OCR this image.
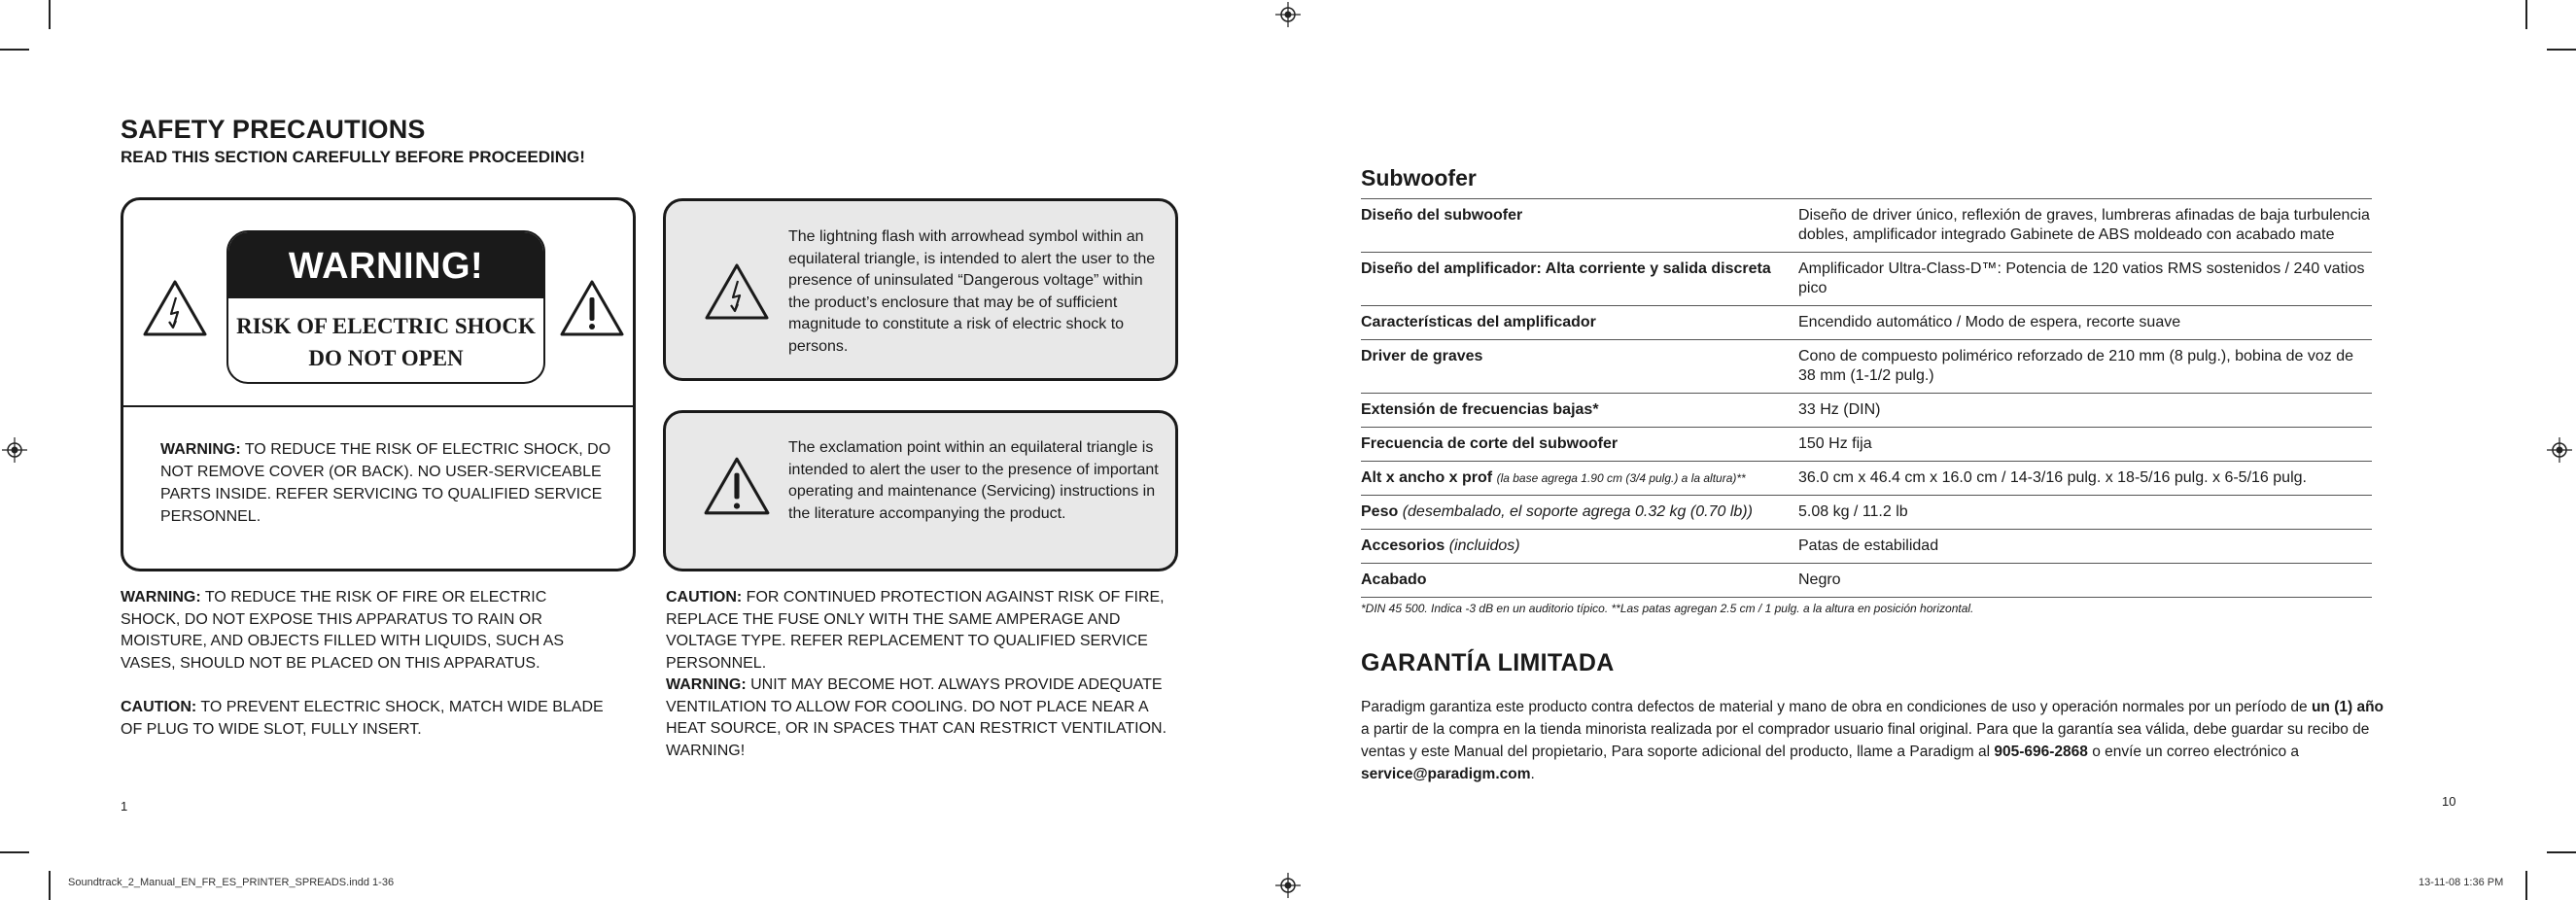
SAFETY PRECAUTIONS
READ THIS SECTION CAREFULLY BEFORE PROCEEDING!
WARNING!
RISK OF ELECTRIC SHOCK
DO NOT OPEN
WARNING: TO REDUCE THE RISK OF ELECTRIC SHOCK, DO NOT REMOVE COVER (OR BACK). NO USER-SERVICEABLE PARTS INSIDE. REFER SERVICING TO QUALIFIED SERVICE PERSONNEL.
The lightning flash with arrowhead symbol within an equilateral triangle, is intended to alert the user to the presence of uninsulated “Dangerous voltage” within the product’s enclosure that may be of sufficient magnitude to constitute a risk of electric shock to persons.
The exclamation point within an equilateral triangle is intended to alert the user to the presence of important operating and maintenance (Servicing) instructions in the literature accompanying the product.
WARNING: TO REDUCE THE RISK OF FIRE OR ELECTRIC SHOCK, DO NOT EXPOSE THIS APPARATUS TO RAIN OR MOISTURE, AND OBJECTS FILLED WITH LIQUIDS, SUCH AS VASES, SHOULD NOT BE PLACED ON THIS APPARATUS.
CAUTION: TO PREVENT ELECTRIC SHOCK, MATCH WIDE BLADE OF PLUG TO WIDE SLOT, FULLY INSERT.
CAUTION: FOR CONTINUED PROTECTION AGAINST RISK OF FIRE, REPLACE THE FUSE ONLY WITH THE SAME AMPERAGE AND VOLTAGE TYPE. REFER REPLACEMENT TO QUALIFIED SERVICE PERSONNEL.
WARNING: UNIT MAY BECOME HOT. ALWAYS PROVIDE ADEQUATE VENTILATION TO ALLOW FOR COOLING. DO NOT PLACE NEAR A HEAT SOURCE, OR IN SPACES THAT CAN RESTRICT VENTILATION. WARNING!
1
Subwoofer
Diseño del subwoofer	Diseño de driver único, reflexión de graves, lumbreras afinadas de baja turbulencia dobles, amplificador integrado Gabinete de ABS moldeado con acabado mate
Diseño del amplificador: Alta corriente y salida discreta	Amplificador Ultra-Class-D™: Potencia de 120 vatios RMS sostenidos / 240 vatios pico
Características del amplificador	Encendido automático / Modo de espera, recorte suave
Driver de graves	Cono de compuesto polimérico reforzado de 210 mm (8 pulg.), bobina de voz de 38 mm (1-1/2 pulg.)
Extensión de frecuencias bajas*	33 Hz (DIN)
Frecuencia de corte del subwoofer	150 Hz fija
Alt x ancho x prof (la base agrega 1.90 cm (3/4 pulg.) a la altura)**	36.0 cm x 46.4 cm x 16.0 cm / 14-3/16 pulg. x 18-5/16 pulg. x 6-5/16 pulg.
Peso (desembalado, el soporte agrega 0.32 kg (0.70 lb))	5.08 kg / 11.2 lb
Accesorios (incluidos)	Patas de estabilidad
Acabado	Negro
*DIN 45 500. Indica -3 dB en un auditorio típico. **Las patas agregan 2.5 cm / 1 pulg. a la altura en posición horizontal.
GARANTÍA LIMITADA
Paradigm garantiza este producto contra defectos de material y mano de obra en condiciones de uso y operación normales por un período de un (1) año a partir de la compra en la tienda minorista realizada por el comprador usuario final original. Para que la garantía sea válida, debe guardar su recibo de ventas y este Manual del propietario, Para soporte adicional del producto, llame a Paradigm al 905-696-2868 o envíe un correo electrónico a service@paradigm.com.
10
Soundtrack_2_Manual_EN_FR_ES_PRINTER_SPREADS.indd 1-36	13-11-08 1:36 PM
